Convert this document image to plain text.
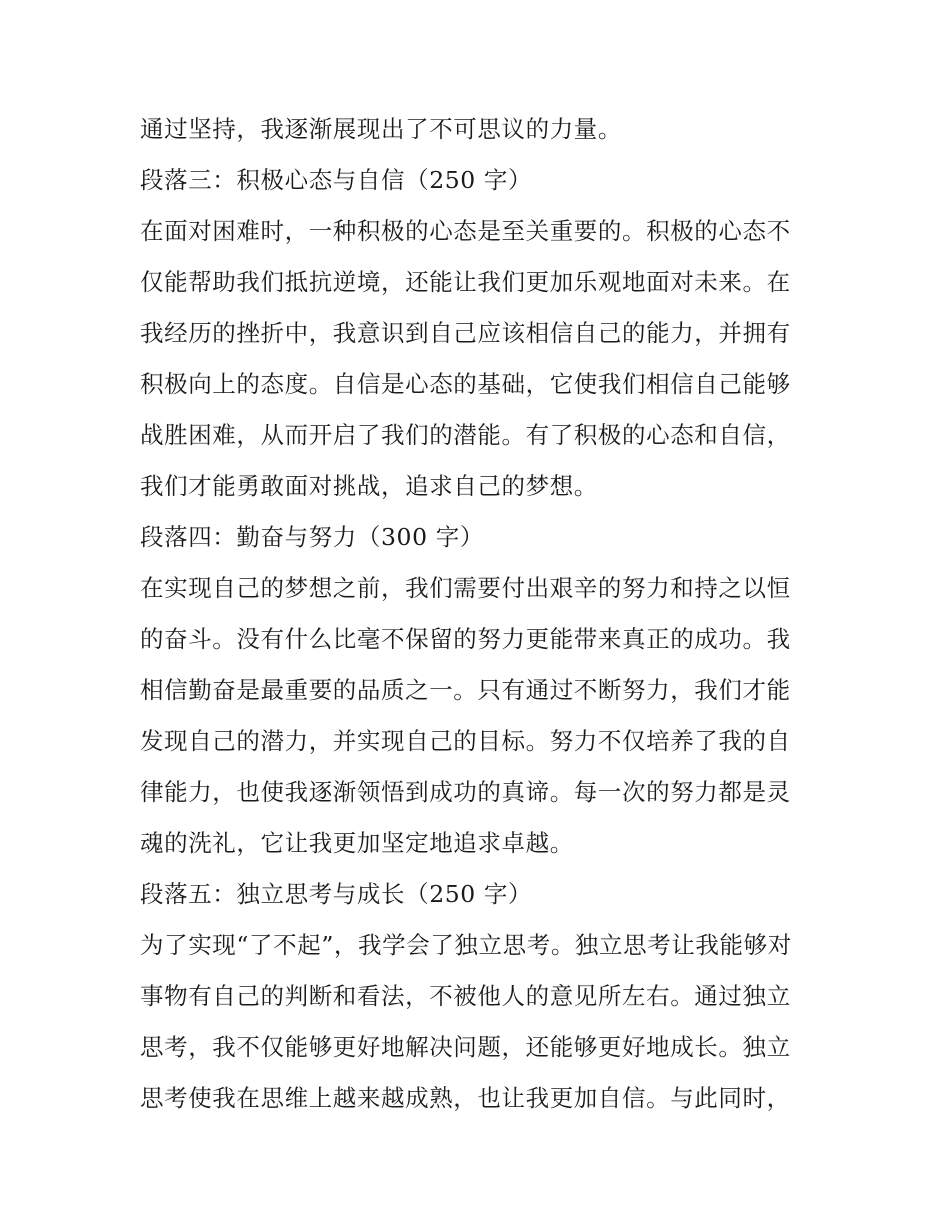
通过坚持，我逐渐展现出了不可思议的力量。
段落三：积极心态与自信（250 字）
在面对困难时，一种积极的心态是至关重要的。积极的心态不
仅能帮助我们抵抗逆境，还能让我们更加乐观地面对未来。在
我经历的挫折中，我意识到自己应该相信自己的能力，并拥有
积极向上的态度。自信是心态的基础，它使我们相信自己能够
战胜困难，从而开启了我们的潜能。有了积极的心态和自信，
我们才能勇敢面对挑战，追求自己的梦想。
段落四：勤奋与努力（300 字）
在实现自己的梦想之前，我们需要付出艰辛的努力和持之以恒
的奋斗。没有什么比毫不保留的努力更能带来真正的成功。我
相信勤奋是最重要的品质之一。只有通过不断努力，我们才能
发现自己的潜力，并实现自己的目标。努力不仅培养了我的自
律能力，也使我逐渐领悟到成功的真谛。每一次的努力都是灵
魂的洗礼，它让我更加坚定地追求卓越。
段落五：独立思考与成长（250 字）
为了实现“了不起”，我学会了独立思考。独立思考让我能够对
事物有自己的判断和看法，不被他人的意见所左右。通过独立
思考，我不仅能够更好地解决问题，还能够更好地成长。独立
思考使我在思维上越来越成熟，也让我更加自信。与此同时，
